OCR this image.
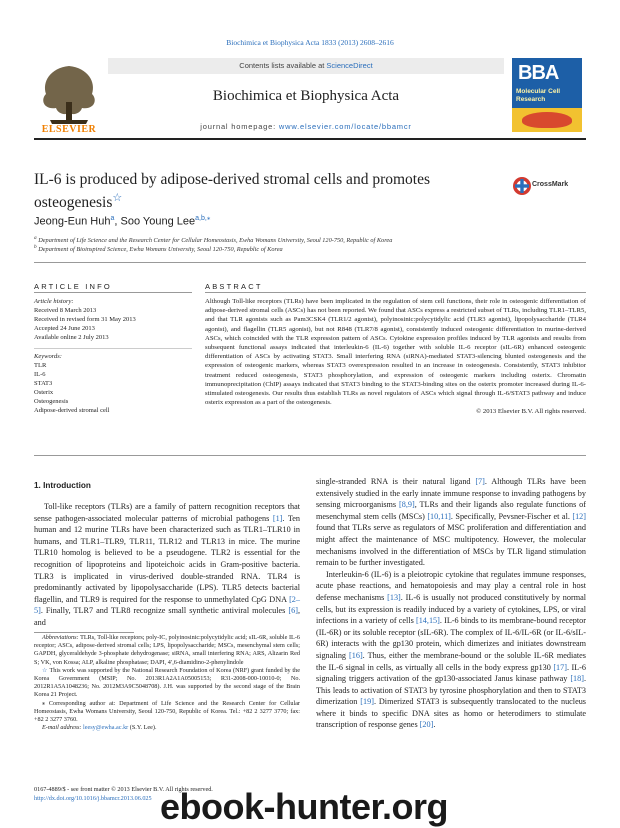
Biochimica et Biophysica Acta 1833 (2013) 2608–2616
ELSEVIER
Contents lists available at ScienceDirect
Biochimica et Biophysica Acta
journal homepage: www.elsevier.com/locate/bbamcr
BBA
Molecular Cell Research
IL-6 is produced by adipose-derived stromal cells and promotes osteogenesis☆
CrossMark
Jeong-Eun Huh$^a$, Soo Young Lee$^{a,b,⁎}$
$^a$ Department of Life Science and the Research Center for Cellular Homeostasis, Ewha Womans University, Seoul 120-750, Republic of Korea
$^b$ Department of Bioinspired Science, Ewha Womans University, Seoul 120-750, Republic of Korea
ARTICLE INFO	ABSTRACT
Article history:
Received 8 March 2013
Received in revised form 31 May 2013
Accepted 24 June 2013
Available online 2 July 2013
Keywords:
TLR
IL-6
STAT3
Osterix
Osteogenesis
Adipose-derived stromal cell
Although Toll-like receptors (TLRs) have been implicated in the regulation of stem cell functions, their role in osteogenic differentiation of adipose-derived stromal cells (ASCs) has not been reported. We found that ASCs express a restricted subset of TLRs, including TLR1–TLR5, and that TLR agonists such as Pam3CSK4 (TLR1/2 agonist), polyinosinic:polycytidylic acid (TLR3 agonist), lipopolysaccharide (TLR4 agonist), and flagellin (TLR5 agonist), but not R848 (TLR7/8 agonist), consistently induced osteogenic differentiation in murine-derived ASCs, which coincided with the TLR expression pattern of ASCs. Cytokine expression profiles induced by TLR agonists and results from subsequent functional assays indicated that interleukin-6 (IL-6) together with soluble IL-6 receptor (sIL-6R) enhanced osteogenic differentiation of ASCs by activating STAT3. Small interfering RNA (siRNA)-mediated STAT3-silencing blunted osteogenesis and the expression of osteogenic markers, whereas STAT3 overexpression resulted in an increase in osteogenesis. Consistently, STAT3 inhibitor treatment reduced osteogenesis, STAT3 phosphorylation, and expression of osteogenic markers including osterix. Chromatin immunoprecipitation (ChIP) assays indicated that STAT3 binding to the STAT3-binding sites on the osterix promoter increased during IL-6-stimulated osteogenesis. Our results thus establish TLRs as novel regulators of ASCs which signal through IL-6/STAT3 pathway and induce osterix expression as a part of the osteogenesis.
© 2013 Elsevier B.V. All rights reserved.
1. Introduction

Toll-like receptors (TLRs) are a family of pattern recognition receptors that sense pathogen-associated molecular patterns of microbial pathogens [1]. Ten human and 12 murine TLRs have been characterized such as TLR1–TLR10 in humans, and TLR1–TLR9, TLR11, TLR12 and TLR13 in mice. The murine TLR10 homolog is believed to be a pseudogene. TLR2 is essential for the recognition of lipoproteins and lipoteichoic acids in Gram-positive bacteria. TLR3 is implicated in virus-derived double-stranded RNA. TLR4 is predominantly activated by lipopolysaccharide (LPS). TLR5 detects bacterial flagellin, and TLR9 is required for the response to unmethylated CpG DNA [2–5]. Finally, TLR7 and TLR8 recognize small synthetic antiviral molecules [6], and

single-stranded RNA is their natural ligand [7]. Although TLRs have been extensively studied in the early innate immune response to invading pathogens by sensing microorganisms [8,9], TLRs and their ligands also regulate functions of mesenchymal stem cells (MSCs) [10,11]. Specifically, Pevsner-Fischer et al. [12] found that TLRs serve as regulators of MSC proliferation and differentiation and might affect the maintenance of MSC multipotency. However, the molecular mechanisms involved in the differentiation of MSCs by TLR ligand stimulation remain to be further investigated.

Interleukin-6 (IL-6) is a pleiotropic cytokine that regulates immune responses, acute phase reactions, and hematopoiesis and may play a central role in host defense mechanisms [13]. IL-6 is usually not produced constitutively by normal cells, but its expression is readily induced by a variety of cytokines, LPS, or viral infections in a variety of cells [14,15]. IL-6 binds to its membrane-bound receptor (IL-6R) or its soluble receptor (sIL-6R). The complex of IL-6/IL-6R (or IL-6/sIL-6R) interacts with the gp130 protein, which dimerizes and initiates downstream signaling [16]. Thus, either the membrane-bound or the soluble IL-6R mediates the IL-6 signal in cells, as virtually all cells in the body express gp130 [17]. IL-6 signaling triggers activation of the gp130-associated Janus kinase pathway [18]. This leads to activation of STAT3 by tyrosine phosphorylation and then to STAT3 dimerization [19]. Dimerized STAT3 is subsequently translocated to the nucleus where it binds to specific DNA sites as homo or heterodimers to stimulate transcription of response genes [20].

Abbreviations: TLRs, Toll-like receptors; poly-IC, polyinosinic:polycytidylic acid; sIL-6R, soluble IL-6 receptor; ASCs, adipose-derived stromal cells; LPS, lipopolysaccharide; MSCs, mesenchymal stem cells; GAPDH, glyceraldehyde 3-phosphate dehydrogenase; siRNA, small interfering RNA; ARS, Alizarin Red S; VK, von Kossa; ALP, alkaline phosphatase; DAPI, 4′,6-diamidino-2-phenylindole

☆ This work was supported by the National Research Foundation of Korea (NRF) grant funded by the Korea Government (MSIP; No. 2013R1A2A1A05005153; R31-2008-000-10010-0; No. 2012R1A5A1048236; No. 2012M3A9C5048708). J.H. was supported by the second stage of the Brain Korea 21 Project.

⁎ Corresponding author at: Department of Life Science and the Research Center for Cellular Homeostasis, Ewha Womans University, Seoul 120-750, Republic of Korea. Tel.: +82 2 3277 3770; fax: +82 2 3277 3760.

E-mail address: leesy@ewha.ac.kr (S.Y. Lee).

0167-4889/$ - see front matter © 2013 Elsevier B.V. All rights reserved.
http://dx.doi.org/10.1016/j.bbamcr.2013.06.025 ebook-hunter.org
